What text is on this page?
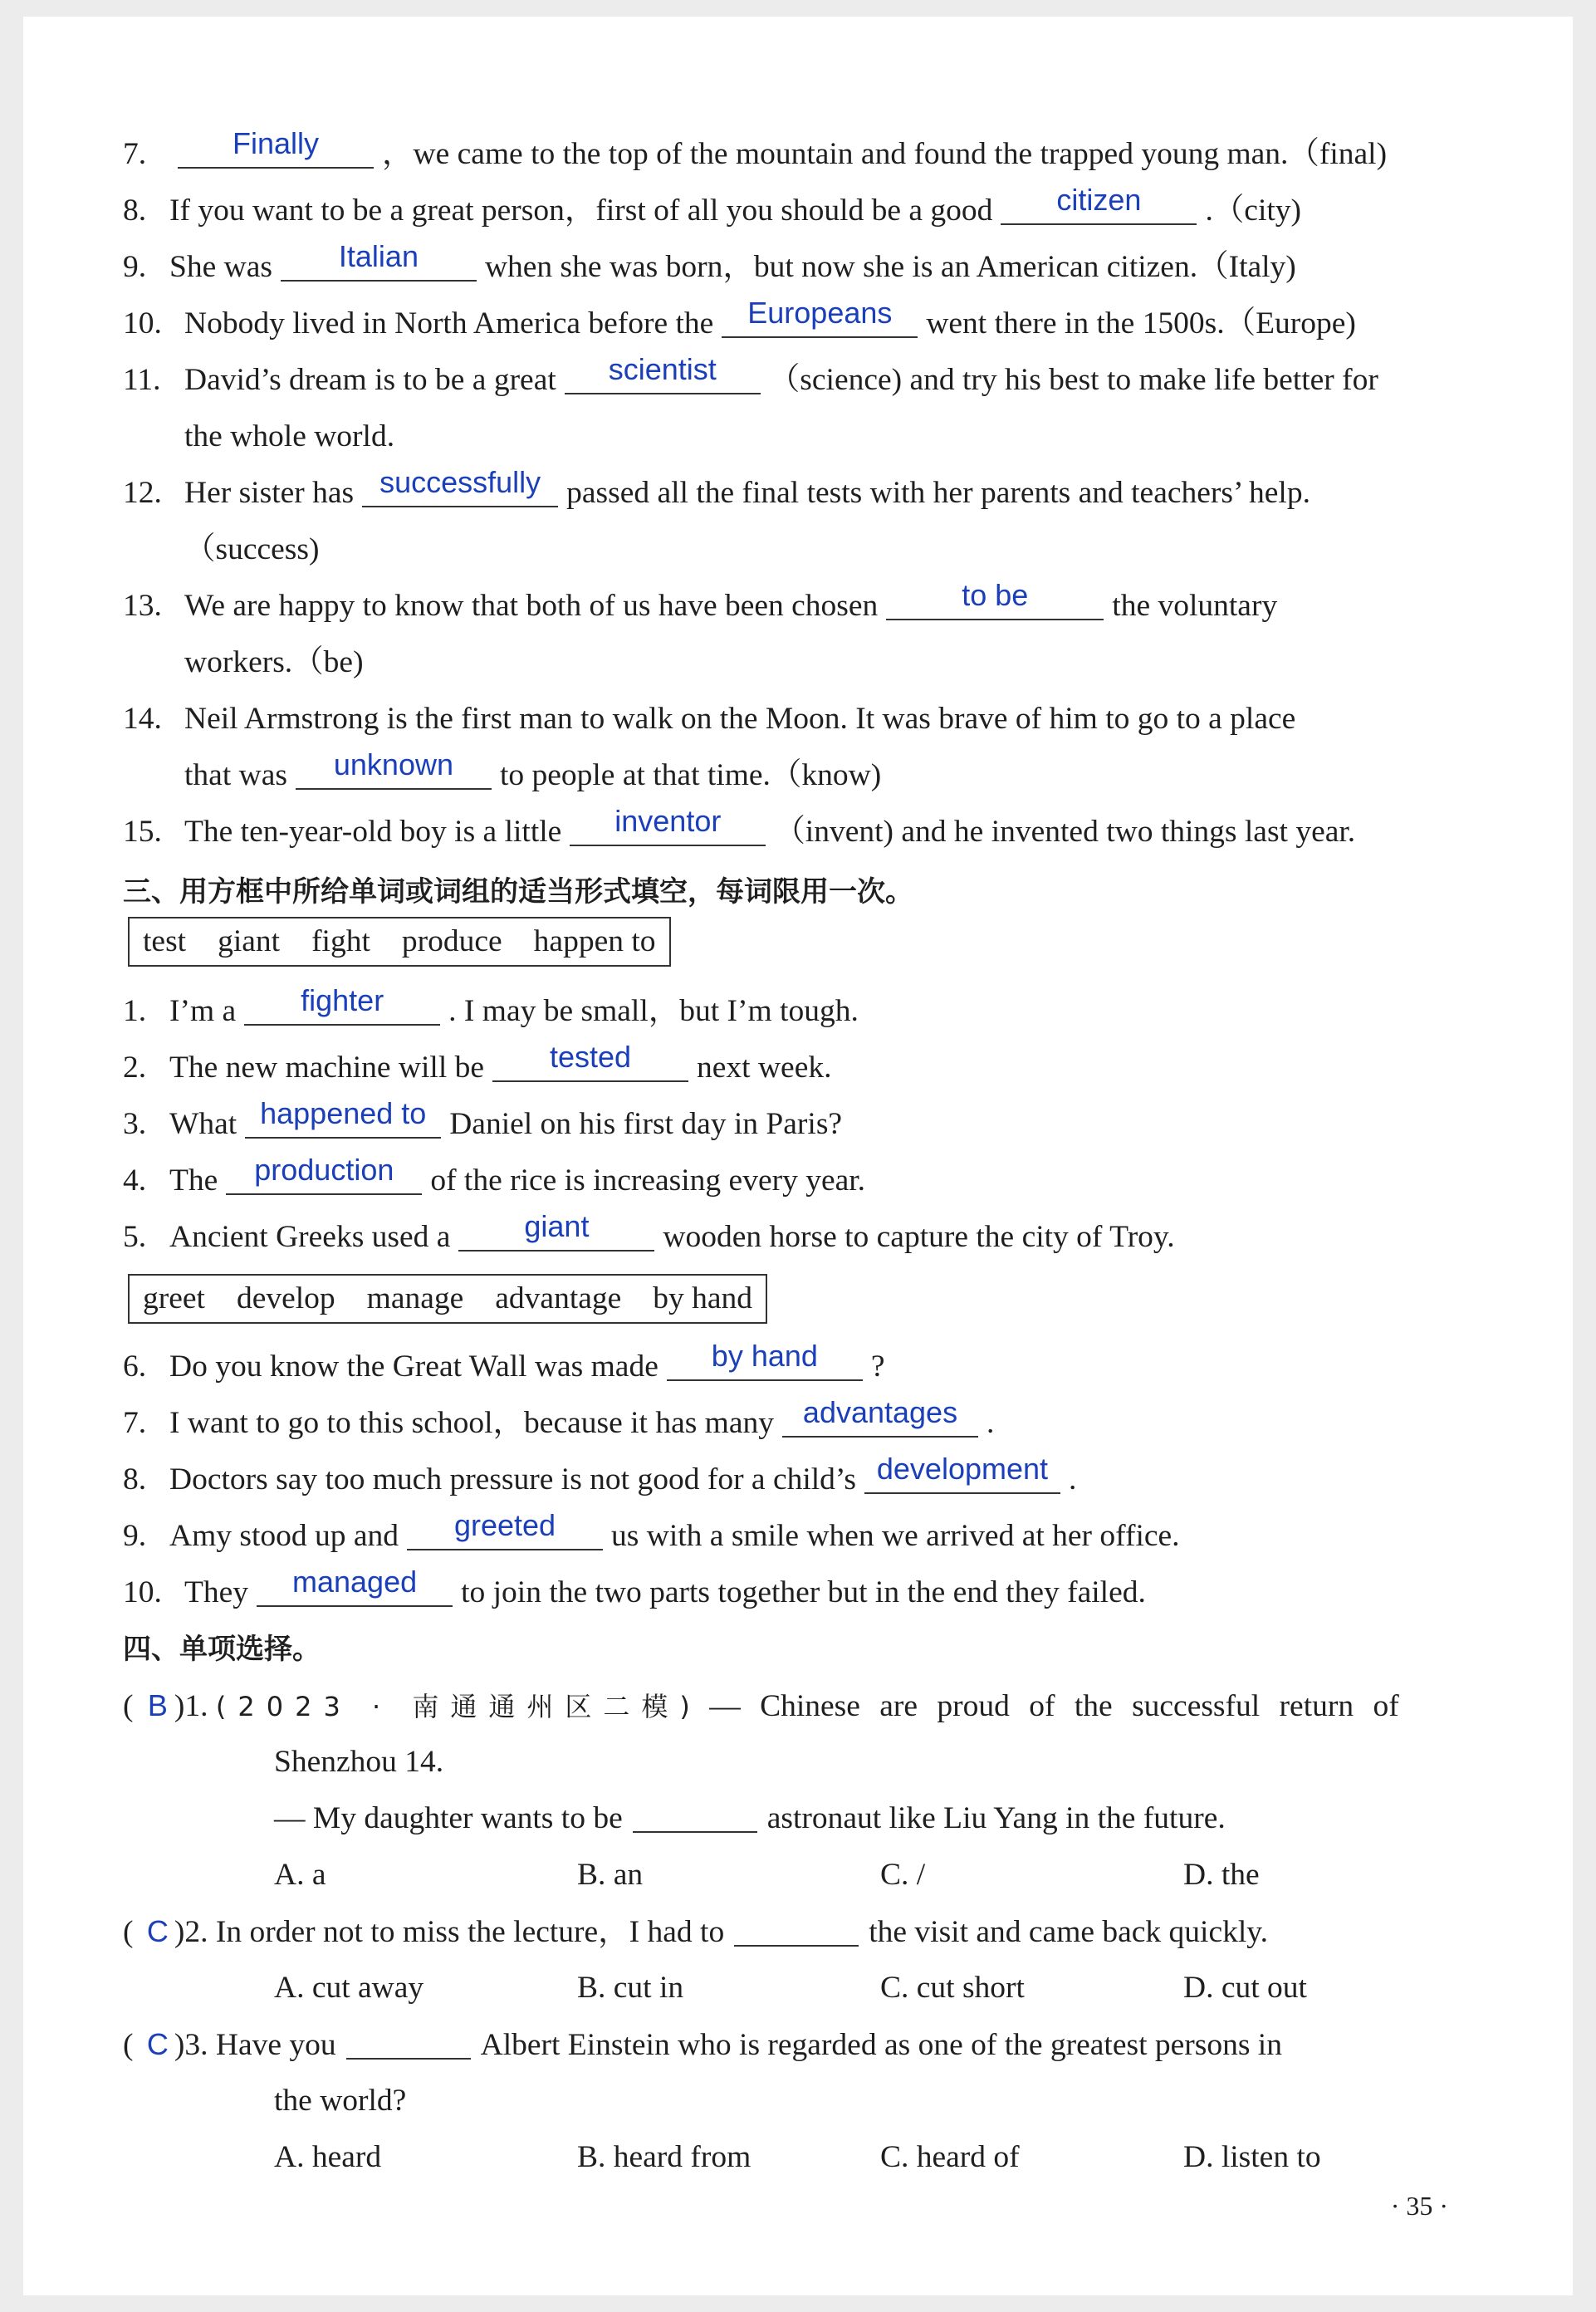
7.	Finally	，we came to the top of the mountain and found the trapped young man.（final)
8. If you want to be a great person，first of all you should be a good	citizen	.（city)
9. She was	Italian	when she was born，but now she is an American citizen.（Italy)
10. Nobody lived in North America before the	Europeans	went there in the 1500s.（Europe)
11. David’s dream is to be a great	scientist	（science) and try his best to make life better for
the whole world.
12. Her sister has successfully passed all the final tests with her parents and teachers’ help.
（success)
13. We are happy to know that both of us have been chosen	to be	the voluntary
workers.（be)
14. Neil Armstrong is the first man to walk on the Moon. It was brave of him to go to a place
that was	unknown	to people at that time.（know)
15. The ten-year-old boy is a little	inventor	（invent) and he invented two things last year.
三、用方框中所给单词或词组的适当形式填空，每词限用一次。
test giant fight produce happen to
1. I’m a	fighter	. I may be small，but I’m tough.
2. The new machine will be	tested	next week.
3. What happened to Daniel on his first day in Paris?
4. The	production	of the rice is increasing every year.
5. Ancient Greeks used a	giant	wooden horse to capture the city of Troy.
greet develop manage advantage by hand
6. Do you know the Great Wall was made	by hand	?
7. I want to go to this school，because it has many advantages .
8. Doctors say too much pressure is not good for a child’s development .
9. Amy stood up and	greeted	us with a smile when we arrived at her office.
10. They	managed	to join the two parts together but in the end they failed.
四、单项选择。
( B )1. (2023 · 南通通州区二模) — Chinese are proud of the successful return of
Shenzhou 14.
— My daughter wants to be	astronaut like Liu Yang in the future.
A. a	B. an	C. /	D. the
( C )2. In order not to miss the lecture，I had to	the visit and came back quickly.
A. cut away	B. cut in	C. cut short	D. cut out
( C )3. Have you	Albert Einstein who is regarded as one of the greatest persons in
the world?
A. heard	B. heard from	C. heard of	D. listen to
· 35 ·
